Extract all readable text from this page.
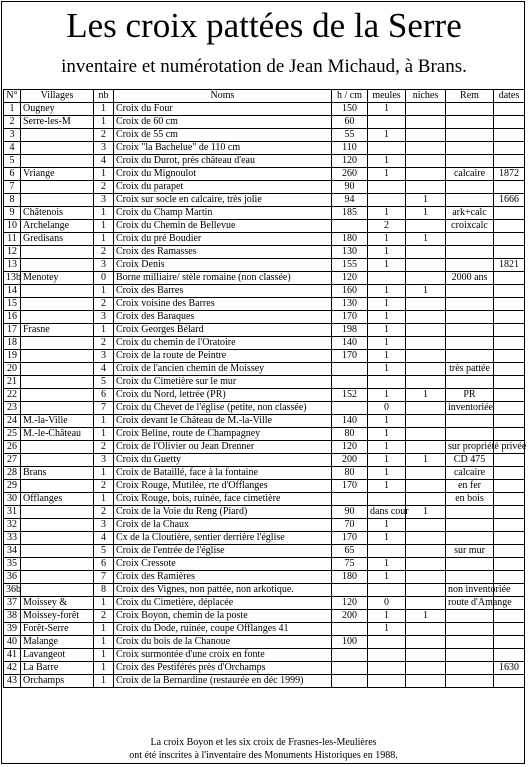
Les croix pattées de la Serre
inventaire et numérotation de Jean Michaud, à Brans.
N°	Villages	nb	Noms	h / cm	meules	niches	Rem	dates
1	Ougney	1	Croix du Four	150	1			
2	Serre-les-M	1	Croix de 60 cm	60				
3		2	Croix de 55 cm	55	1			
4		3	Croix "la Bachelue" de 110 cm	110				
5		4	Croix du Durot, près château d'eau	120	1			
6	Vriange	1	Croix du Mignoulot	260	1		calcaire	1872
7		2	Croix du parapet	90				
8		3	Croix sur socle en calcaire, très jolie	94		1		1666
9	Châtenois	1	Croix du Champ Martin	185	1	1	ark+calc	
10	Archelange	1	Croix du Chemin de Bellevue		2		croixcalc	
11	Gredisans	1	Croix du pré Boudier	180	1	1		
12		2	Croix des Ramasses	130	1			
13		3	Croix Denis	155	1			1821
13b	Menotey	0	Borne milliaire/ stèle romaine (non classée)	120			2000 ans	
14		1	Croix des Barres	160	1	1		
15		2	Croix voisine des Barres	130	1			
16		3	Croix des Baraques	170	1			
17	Frasne	1	Croix Georges Bélard	198	1			
18		2	Croix du chemin de l'Oratoire	140	1			
19		3	Croix de la route de Peintre	170	1			
20		4	Croix de l'ancien chemin de Moissey		1		très pattée	
21		5	Croix du Cimetière sur le mur					
22		6	Croix du Nord, lettrée (PR)	152	1	1	PR	
23		7	Croix du Chevet de l'église (petite, non classée)		0		inventoriée	
24	M.-la-Ville	1	Croix devant le Château de M.-la-Ville	140	1			
25	M.-le-Château	1	Croix Beline, route de Champagney	80	1			
26		2	Croix de l'Olivier ou Jean Drenner	120	1		sur propriété privée	
27		3	Croix du Guetty	200	1	1	CD 475	
28	Brans	1	Croix de Bataillé, face à la fontaine	80	1		calcaire	
29		2	Croix Rouge, Mutilée, rte d'Offlanges	170	1		en fer	
30	Offlanges	1	Croix Rouge, bois, ruinée, face cimetière				en bois	
31		2	Croix de la Voie du Reng (Piard)	90	dans cour	1		
32		3	Croix de la Chaux	70	1			
33		4	Cx de la Cloutière, sentier derrière l'église	170	1			
34		5	Croix de l'entrée de l'église	65			sur mur	
35		6	Croix Cressote	75	1			
36		7	Croix des Ramières	180	1			
36b		8	Croix des Vignes, non pattée, non arkotique.				non inventoriée	
37	Moissey &	1	Croix du Cimetière, déplacée	120	0		route d'Amange	
38	Moissey-forêt	2	Croix Boyon, chemin de la poste	200	1	1		
39	Forêt-Serre	1	Croix du Dode, ruinée, coupe Offlanges 41		1			
40	Malange	1	Croix du bois de la Chanoue	100				
41	Lavangeot	1	Croix surmontée d'une croix en fonte					
42	La Barre	1	Croix des Pestiférés près d'Orchamps					1630
43	Orchamps	1	Croix de la Bernardine (restaurée en déc 1999)					
La croix Boyon et les six croix de Frasnes-les-Meulières
ont été inscrites à l'inventaire des Monuments Historiques en 1988.
